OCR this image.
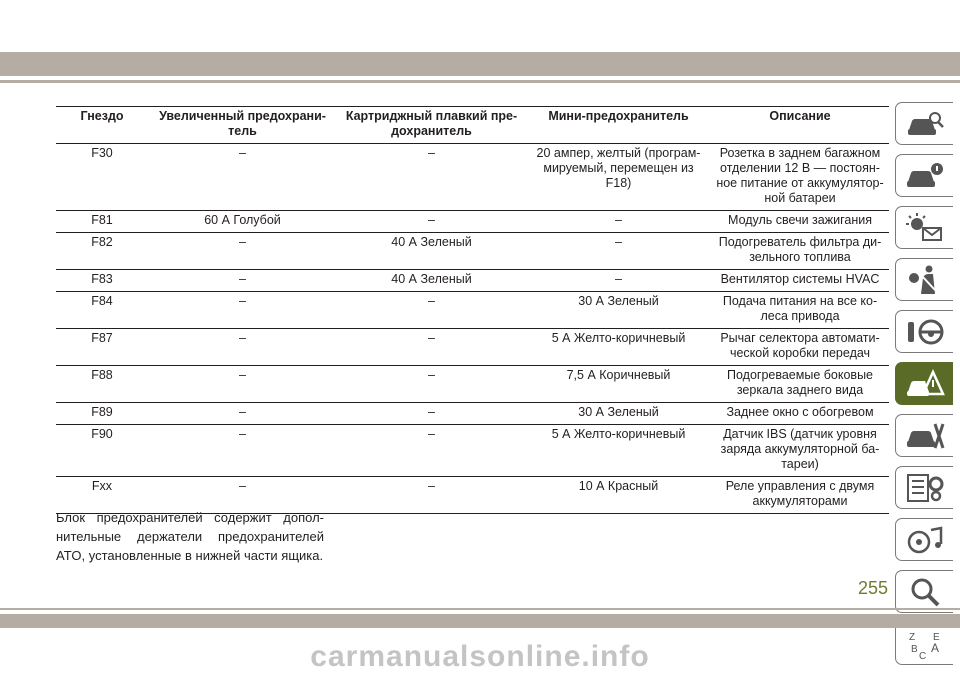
Гнездо	Увеличенный предохрани- тель	Картриджный плавкий пре- дохранитель	Мини-предохранитель	Описание
F30	–	–	20 ампер, желтый (програм- мируемый, перемещен из F18)	Розетка в заднем багажном отделении 12 В — постоян- ное питание от аккумулятор- ной батареи
F81	60 А Голубой	–	–	Модуль свечи зажигания
F82	–	40 А Зеленый	–	Подогреватель фильтра ди- зельного топлива
F83	–	40 А Зеленый	–	Вентилятор системы HVAC
F84	–	–	30 А Зеленый	Подача питания на все ко- леса привода
F87	–	–	5 А Желто-коричневый	Рычаг селектора автомати- ческой коробки передач
F88	–	–	7,5 А Коричневый	Подогреваемые боковые зеркала заднего вида
F89	–	–	30 А Зеленый	Заднее окно с обогревом
F90	–	–	5 А Желто-коричневый	Датчик IBS (датчик уровня заряда аккумуляторной ба- тареи)
Fxx	–	–	10 А Красный	Реле управления с двумя аккумуляторами

Блок предохранителей содержит допол- нительные держатели предохранителей ATO, установленные в нижней части ящика.

255
Z E
B A
C
carmanualsonline.info
